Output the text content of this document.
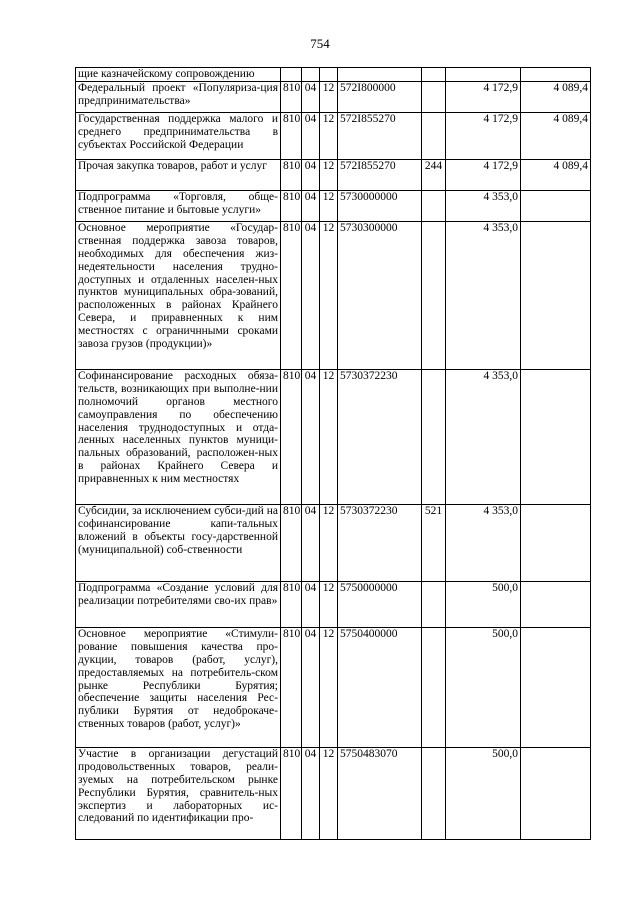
754
щие казначейскому сопровождению							
Федеральный проект «Популяриза-ция предпринимательства»	810	04	12	572I800000		4 172,9	4 089,4
Государственная поддержка малого и среднего предпринимательства в субъектах Российской Федерации	810	04	12	572I855270		4 172,9	4 089,4
Прочая закупка товаров, работ и услуг	810	04	12	572I855270	244	4 172,9	4 089,4
Подпрограмма «Торговля, обще-ственное питание и бытовые услуги»	810	04	12	5730000000		4 353,0	
Основное мероприятие «Государ-ственная поддержка завоза товаров, необходимых для обеспечения жиз-недеятельности населения трудно-доступных и отдаленных населен-ных пунктов муниципальных обра-зований, расположенных в районах Крайнего Севера, и приравненных к ним местностях с ограничнными сроками завоза грузов (продукции)»	810	04	12	5730300000		4 353,0	
Софинансирование расходных обяза-тельств, возникающих при выполне-нии полномочий органов местного самоуправления по обеспечению населения труднодоступных и отда-ленных населенных пунктов муници-пальных образований, расположен-ных в районах Крайнего Севера и приравненных к ним местностях	810	04	12	5730372230		4 353,0	
Субсидии, за исключением субси-дий на софинансирование капи-тальных вложений в объекты госу-дарственной (муниципальной) соб-ственности	810	04	12	5730372230	521	4 353,0	
Подпрограмма «Создание условий для реализации потребителями сво-их прав»	810	04	12	5750000000		500,0	
Основное мероприятие «Стимули-рование повышения качества про-дукции, товаров (работ, услуг), предоставляемых на потребитель-ском рынке Республики Бурятия; обеспечение защиты населения Рес-публики Бурятия от недоброкаче-ственных товаров (работ, услуг)»	810	04	12	5750400000		500,0	
Участие в организации дегустаций продовольственных товаров, реали-зуемых на потребительском рынке Республики Бурятия, сравнитель-ных экспертиз и лабораторных ис-следований по идентификации про-	810	04	12	5750483070		500,0	
